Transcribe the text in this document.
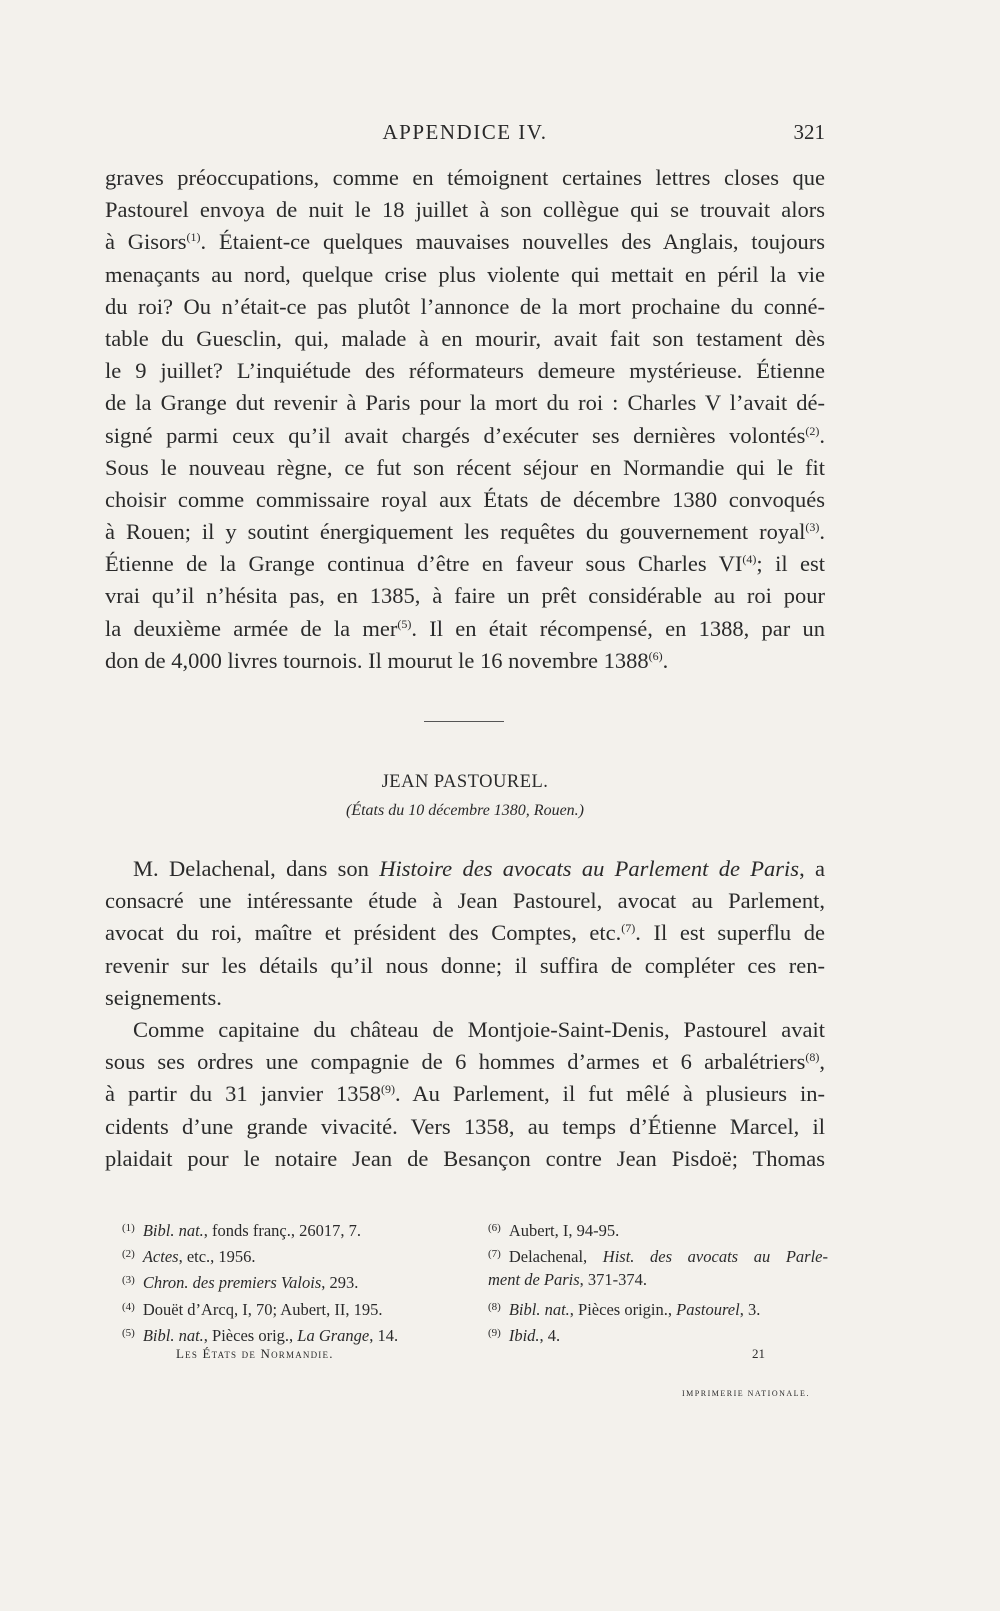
APPENDICE IV.	321
graves préoccupations, comme en témoignent certaines lettres closes que
Pastourel envoya de nuit le 18 juillet à son collègue qui se trouvait alors
à Gisors$^{(1)}$. Étaient-ce quelques mauvaises nouvelles des Anglais, toujours
menaçants au nord, quelque crise plus violente qui mettait en péril la vie
du roi? Ou n’était-ce pas plutôt l’annonce de la mort prochaine du conné-
table du Guesclin, qui, malade à en mourir, avait fait son testament dès
le 9 juillet? L’inquiétude des réformateurs demeure mystérieuse. Étienne
de la Grange dut revenir à Paris pour la mort du roi : Charles V l’avait dé-
signé parmi ceux qu’il avait chargés d’exécuter ses dernières volontés$^{(2)}$.
Sous le nouveau règne, ce fut son récent séjour en Normandie qui le fit
choisir comme commissaire royal aux États de décembre 1380 convoqués
à Rouen; il y soutint énergiquement les requêtes du gouvernement royal$^{(3)}$.
Étienne de la Grange continua d’être en faveur sous Charles VI$^{(4)}$; il est
vrai qu’il n’hésita pas, en 1385, à faire un prêt considérable au roi pour
la deuxième armée de la mer$^{(5)}$. Il en était récompensé, en 1388, par un
don de 4,000 livres tournois. Il mourut le 16 novembre 1388$^{(6)}$.
JEAN PASTOUREL.
(États du 10 décembre 1380, Rouen.)
M. Delachenal, dans son Histoire des avocats au Parlement de Paris, a
consacré une intéressante étude à Jean Pastourel, avocat au Parlement,
avocat du roi, maître et président des Comptes, etc.$^{(7)}$. Il est superflu de
revenir sur les détails qu’il nous donne; il suffira de compléter ces ren-
seignements.
Comme capitaine du château de Montjoie-Saint-Denis, Pastourel avait
sous ses ordres une compagnie de 6 hommes d’armes et 6 arbalétriers$^{(8)}$,
à partir du 31 janvier 1358$^{(9)}$. Au Parlement, il fut mêlé à plusieurs in-
cidents d’une grande vivacité. Vers 1358, au temps d’Étienne Marcel, il
plaidait pour le notaire Jean de Besançon contre Jean Pisdoë; Thomas
$^{(1)}$ Bibl. nat., fonds franç., 26017, 7.
$^{(2)}$ Actes, etc., 1956.
$^{(3)}$ Chron. des premiers Valois, 293.
$^{(4)}$ Douët d’Arcq, I, 70; Aubert, II, 195.
$^{(5)}$ Bibl. nat., Pièces orig., La Grange, 14.
$^{(6)}$ Aubert, I, 94-95.
$^{(7)}$ Delachenal, Hist. des avocats au Parle-
ment de Paris, 371-374.
$^{(8)}$ Bibl. nat., Pièces origin., Pastourel, 3.
$^{(9)}$ Ibid., 4.
Les États de Normandie.	21
IMPRIMERIE NATIONALE.
